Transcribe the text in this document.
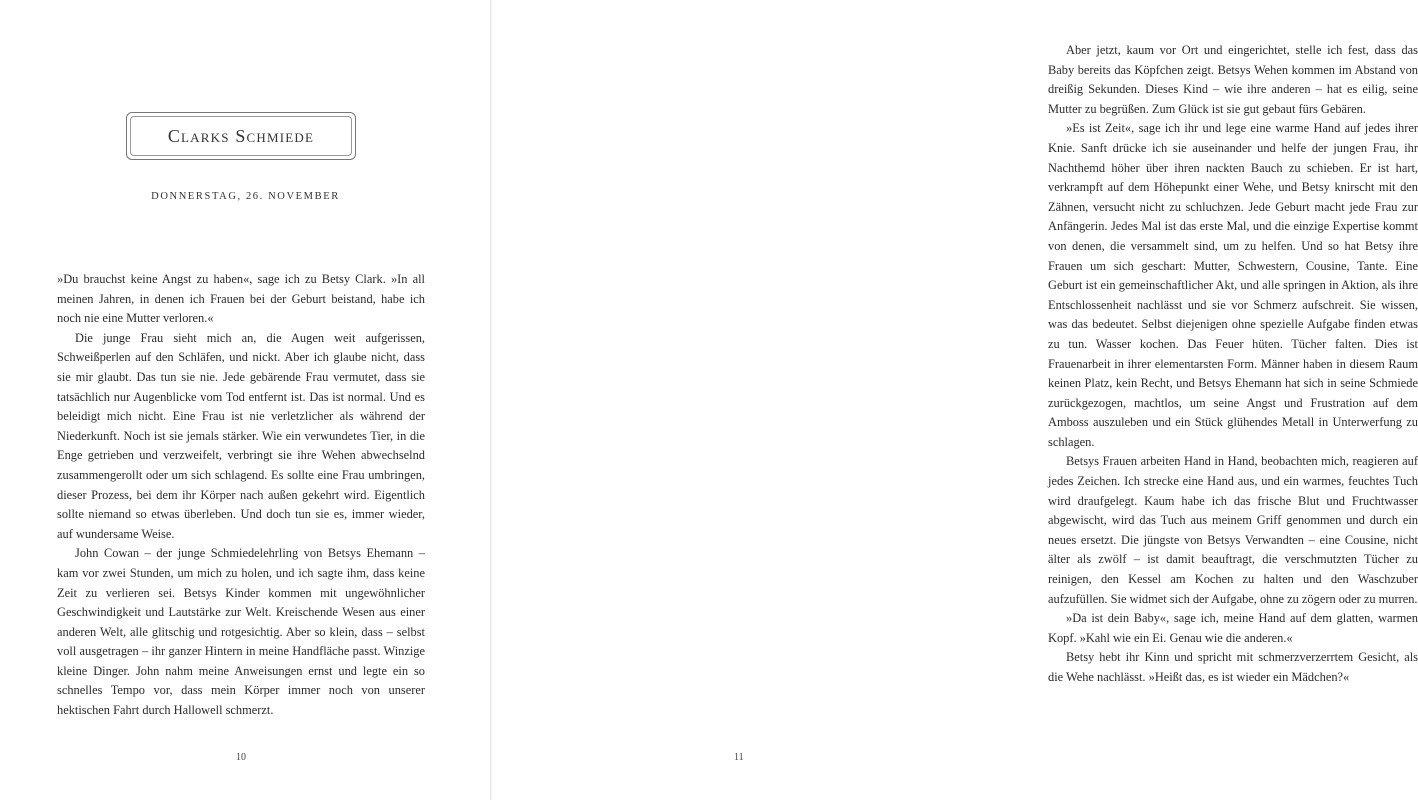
Clarks Schmiede
DONNERSTAG, 26. NOVEMBER

»Du brauchst keine Angst zu haben«, sage ich zu Betsy Clark. »In all meinen Jahren, in denen ich Frauen bei der Geburt beistand, habe ich noch nie eine Mutter verloren.«

Die junge Frau sieht mich an, die Augen weit aufgerissen, Schweißperlen auf den Schläfen, und nickt. Aber ich glaube nicht, dass sie mir glaubt. Das tun sie nie. Jede gebärende Frau vermutet, dass sie tatsächlich nur Augenblicke vom Tod entfernt ist. Das ist normal. Und es beleidigt mich nicht. Eine Frau ist nie verletzlicher als während der Niederkunft. Noch ist sie jemals stärker. Wie ein verwundetes Tier, in die Enge getrieben und verzweifelt, verbringt sie ihre Wehen abwechselnd zusammengerollt oder um sich schlagend. Es sollte eine Frau umbringen, dieser Prozess, bei dem ihr Körper nach außen gekehrt wird. Eigentlich sollte niemand so etwas überleben. Und doch tun sie es, immer wieder, auf wundersame Weise.

John Cowan – der junge Schmiedelehrling von Betsys Ehemann – kam vor zwei Stunden, um mich zu holen, und ich sagte ihm, dass keine Zeit zu verlieren sei. Betsys Kinder kommen mit ungewöhnlicher Geschwindigkeit und Lautstärke zur Welt. Kreischende Wesen aus einer anderen Welt, alle glitschig und rotgesichtig. Aber so klein, dass – selbst voll ausgetragen – ihr ganzer Hintern in meine Handfläche passt. Winzige kleine Dinger. John nahm meine Anweisungen ernst und legte ein so schnelles Tempo vor, dass mein Körper immer noch von unserer hektischen Fahrt durch Hallowell schmerzt.

10

Aber jetzt, kaum vor Ort und eingerichtet, stelle ich fest, dass das Baby bereits das Köpfchen zeigt. Betsys Wehen kommen im Abstand von dreißig Sekunden. Dieses Kind – wie ihre anderen – hat es eilig, seine Mutter zu begrüßen. Zum Glück ist sie gut gebaut fürs Gebären.

»Es ist Zeit«, sage ich ihr und lege eine warme Hand auf jedes ihrer Knie. Sanft drücke ich sie auseinander und helfe der jungen Frau, ihr Nachthemd höher über ihren nackten Bauch zu schieben. Er ist hart, verkrampft auf dem Höhepunkt einer Wehe, und Betsy knirscht mit den Zähnen, versucht nicht zu schluchzen. Jede Geburt macht jede Frau zur Anfängerin. Jedes Mal ist das erste Mal, und die einzige Expertise kommt von denen, die versammelt sind, um zu helfen. Und so hat Betsy ihre Frauen um sich geschart: Mutter, Schwestern, Cousine, Tante. Eine Geburt ist ein gemeinschaftlicher Akt, und alle springen in Aktion, als ihre Entschlossenheit nachlässt und sie vor Schmerz aufschreit. Sie wissen, was das bedeutet. Selbst diejenigen ohne spezielle Aufgabe finden etwas zu tun. Wasser kochen. Das Feuer hüten. Tücher falten. Dies ist Frauenarbeit in ihrer elementarsten Form. Männer haben in diesem Raum keinen Platz, kein Recht, und Betsys Ehemann hat sich in seine Schmiede zurückgezogen, machtlos, um seine Angst und Frustration auf dem Amboss auszuleben und ein Stück glühendes Metall in Unterwerfung zu schlagen.

Betsys Frauen arbeiten Hand in Hand, beobachten mich, reagieren auf jedes Zeichen. Ich strecke eine Hand aus, und ein warmes, feuchtes Tuch wird draufgelegt. Kaum habe ich das frische Blut und Fruchtwasser abgewischt, wird das Tuch aus meinem Griff genommen und durch ein neues ersetzt. Die jüngste von Betsys Verwandten – eine Cousine, nicht älter als zwölf – ist damit beauftragt, die verschmutzten Tücher zu reinigen, den Kessel am Kochen zu halten und den Waschzuber aufzufüllen. Sie widmet sich der Aufgabe, ohne zu zögern oder zu murren.

»Da ist dein Baby«, sage ich, meine Hand auf dem glatten, warmen Kopf. »Kahl wie ein Ei. Genau wie die anderen.«

Betsy hebt ihr Kinn und spricht mit schmerzverzerrtem Gesicht, als die Wehe nachlässt. »Heißt das, es ist wieder ein Mädchen?«

11
